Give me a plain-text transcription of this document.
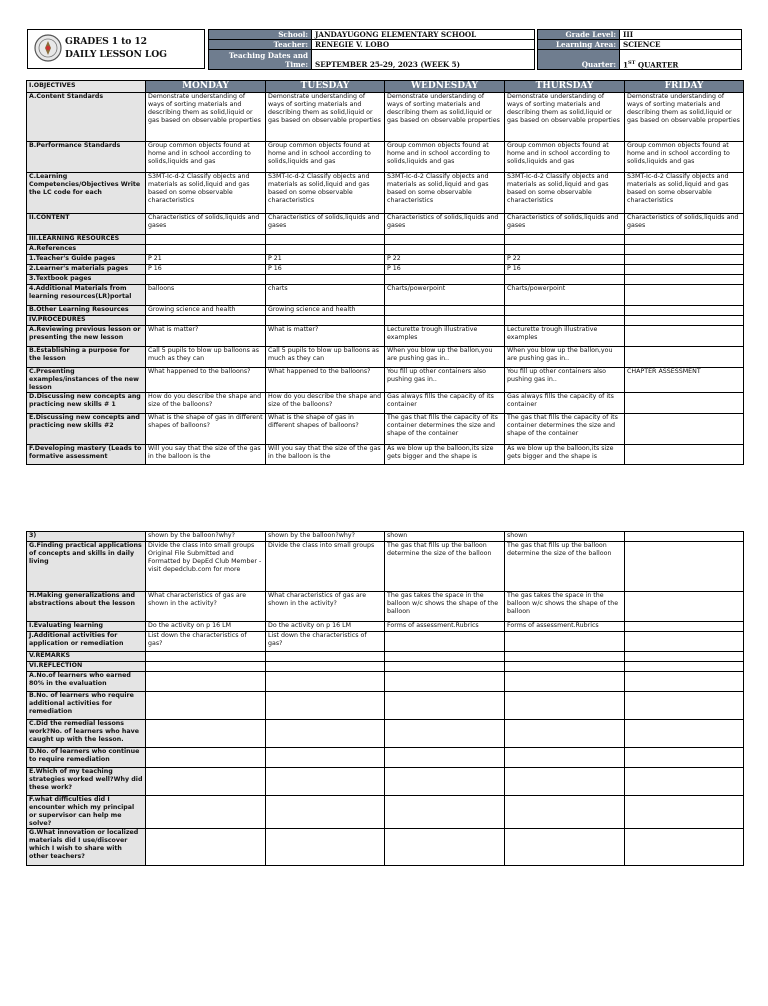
GRADES 1 to 12
DAILY LESSON LOG
School:	JANDAYUGONG ELEMENTARY SCHOOL
Teacher:	RENEGIE V. LOBO

Teaching Dates and
Time:	SEPTEMBER 25-29, 2023 (WEEK 5)
Grade Level:	III
Learning Area:	SCIENCE
Quarter:	1ST QUARTER
I.OBJECTIVES	MONDAY	TUESDAY	WEDNESDAY	THURSDAY	FRIDAY
A.Content Standards	Demonstrate understanding of ways of sorting materials and describing them as solid,liquid or gas based on observable properties	Demonstrate understanding of ways of sorting materials and describing them as solid,liquid or gas based on observable properties	Demonstrate understanding of ways of sorting materials and describing them as solid,liquid or gas based on observable properties	Demonstrate understanding of ways of sorting materials and describing them as solid,liquid or gas based on observable properties	Demonstrate understanding of ways of sorting materials and describing them as solid,liquid or gas based on observable properties
B.Performance Standards	Group common objects found at home and in school according to solids,liquids and gas	Group common objects found at home and in school according to solids,liquids and gas	Group common objects found at home and in school according to solids,liquids and gas	Group common objects found at home and in school according to solids,liquids and gas	Group common objects found at home and in school according to solids,liquids and gas
C.Learning Competencies/Objectives Write the LC code for each	S3MT-Ic-d-2 Classify objects and materials as solid,liquid and gas based on some observable characteristics	S3MT-Ic-d-2 Classify objects and materials as solid,liquid and gas based on some observable characteristics	S3MT-Ic-d-2 Classify objects and materials as solid,liquid and gas based on some observable characteristics	S3MT-Ic-d-2 Classify objects and materials as solid,liquid and gas based on some observable characteristics	S3MT-Ic-d-2 Classify objects and materials as solid,liquid and gas based on some observable characteristics
II.CONTENT	Characteristics of solids,liquids and gases	Characteristics of solids,liquids and gases	Characteristics of solids,liquids and gases	Characteristics of solids,liquids and gases	Characteristics of solids,liquids and gases
III.LEARNING RESOURCES					
A.References					
1.Teacher's Guide pages	P 21	P 21	P 22	P 22	
2.Learner's materials pages	P 16	P 16	P 16	P 16	
3.Textbook pages					
4.Additional Materials from learning resources(LR)portal	balloons	charts	Charts/powerpoint	Charts/powerpoint	
B.Other Learning Resources	Growing science and health	Growing science and health			
IV.PROCEDURES					
A.Reviewing previous lesson or presenting the new lesson	What is matter?	What is matter?	Lecturette trough illustrative examples	Lecturette trough illustrative examples	
B.Establishing a purpose for the lesson	Call 5 pupils to blow up balloons as much as they can	Call 5 pupils to blow up balloons as much as they can	When you blow up the ballon,you are pushing gas in..	When you blow up the ballon,you are pushing gas in..	
C.Presenting examples/instances of the new lesson	What happened to the balloons?	What happened to the balloons?	You fill up other containers also pushing gas in..	You fill up other containers also pushing gas in..	CHAPTER ASSESSMENT
D.Discussing new concepts ang practicing new skills # 1	How do you describe the shape and size of the balloons?	How do you describe the shape and size of the balloons?	Gas always fills the capacity of its container	Gas always fills the capacity of its container	
E.Discussing new concepts and practicing new skills #2	What is the shape of gas in different shapes of balloons?	What is the shape of gas in different shapes of balloons?	The gas that fills the capacity of its container determines the size and shape of the container	The gas that fills the capacity of its container determines the size and shape of the container	
F.Developing mastery (Leads to formative assessment	Will you say that the size of the gas in the balloon is the	Will you say that the size of the gas in the balloon is the	As we blow up the balloon,its size gets bigger and the shape is	As we blow up the balloon,its size gets bigger and the shape is	
3)	shown by the balloon?why?	shown by the balloon?why?	shown	shown	
G.Finding practical applications of concepts and skills in daily living	Divide the class into small groups Original File Submitted and Formatted by DepEd Club Member - visit depedclub.com for more	Divide the class into small groups	The gas that fills up the balloon determine the size of the balloon	The gas that fills up the balloon determine the size of the balloon	
H.Making generalizations and abstractions about the lesson	What characteristics of gas are shown in the activity?	What characteristics of gas are shown in the activity?	The gas takes the space in the balloon w/c shows the shape of the balloon	The gas takes the space in the balloon w/c shows the shape of the balloon	
I.Evaluating learning	Do the activity on p 16 LM	Do the activity on p 16 LM	Forms of assessment.Rubrics	Forms of assessment.Rubrics	
J.Additional activities for application or remediation	List down the characteristics of gas?	List down the characteristics of gas?			
V.REMARKS					
VI.REFLECTION					
A.No.of learners who earned 80% in the evaluation					
B.No. of learners who require additional activities for remediation					
C.Did the remedial lessons work?No. of learners who have caught up with the lesson.					
D.No. of learners who continue to require remediation					
E.Which of my teaching strategies worked well?Why did these work?					
F.what difficulties did I encounter which my principal or supervisor can help me solve?					
G.What innovation or localized materials did I use/discover which I wish to share with other teachers?					
